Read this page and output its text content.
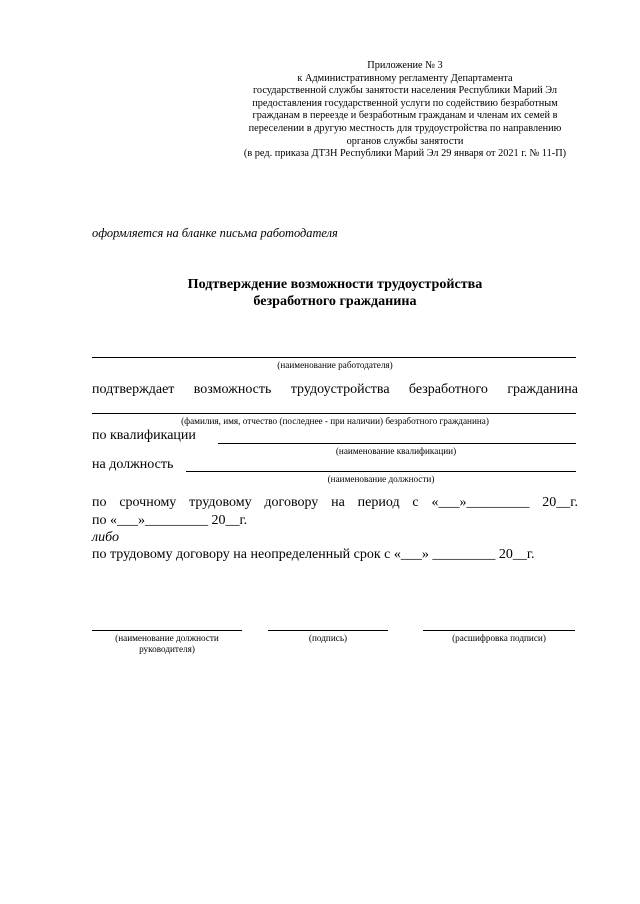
Приложение № 3
к Административному регламенту Департамента
государственной службы занятости населения Республики Марий Эл
предоставления государственной услуги по содействию безработным
гражданам в переезде и безработным гражданам и членам их семей в
переселении в другую местность для трудоустройства по направлению
органов службы занятости
(в ред. приказа ДТЗН Республики Марий Эл 29 января от 2021 г. № 11-П)
оформляется на бланке письма работодателя
Подтверждение возможности трудоустройства
безработного гражданина
(наименование работодателя)
подтверждает возможность трудоустройства безработного гражданина
(фамилия, имя, отчество (последнее - при наличии) безработного гражданина)
по квалификации
(наименование квалификации)
на должность
(наименование должности)
по срочному трудовому договору на период с «___»_________ 20__г.
по «___»_________ 20__г.
либо
по трудовому договору на неопределенный срок с «___» _________ 20__г.
(наименование должности
руководителя)
(подпись)	(расшифровка подписи)
